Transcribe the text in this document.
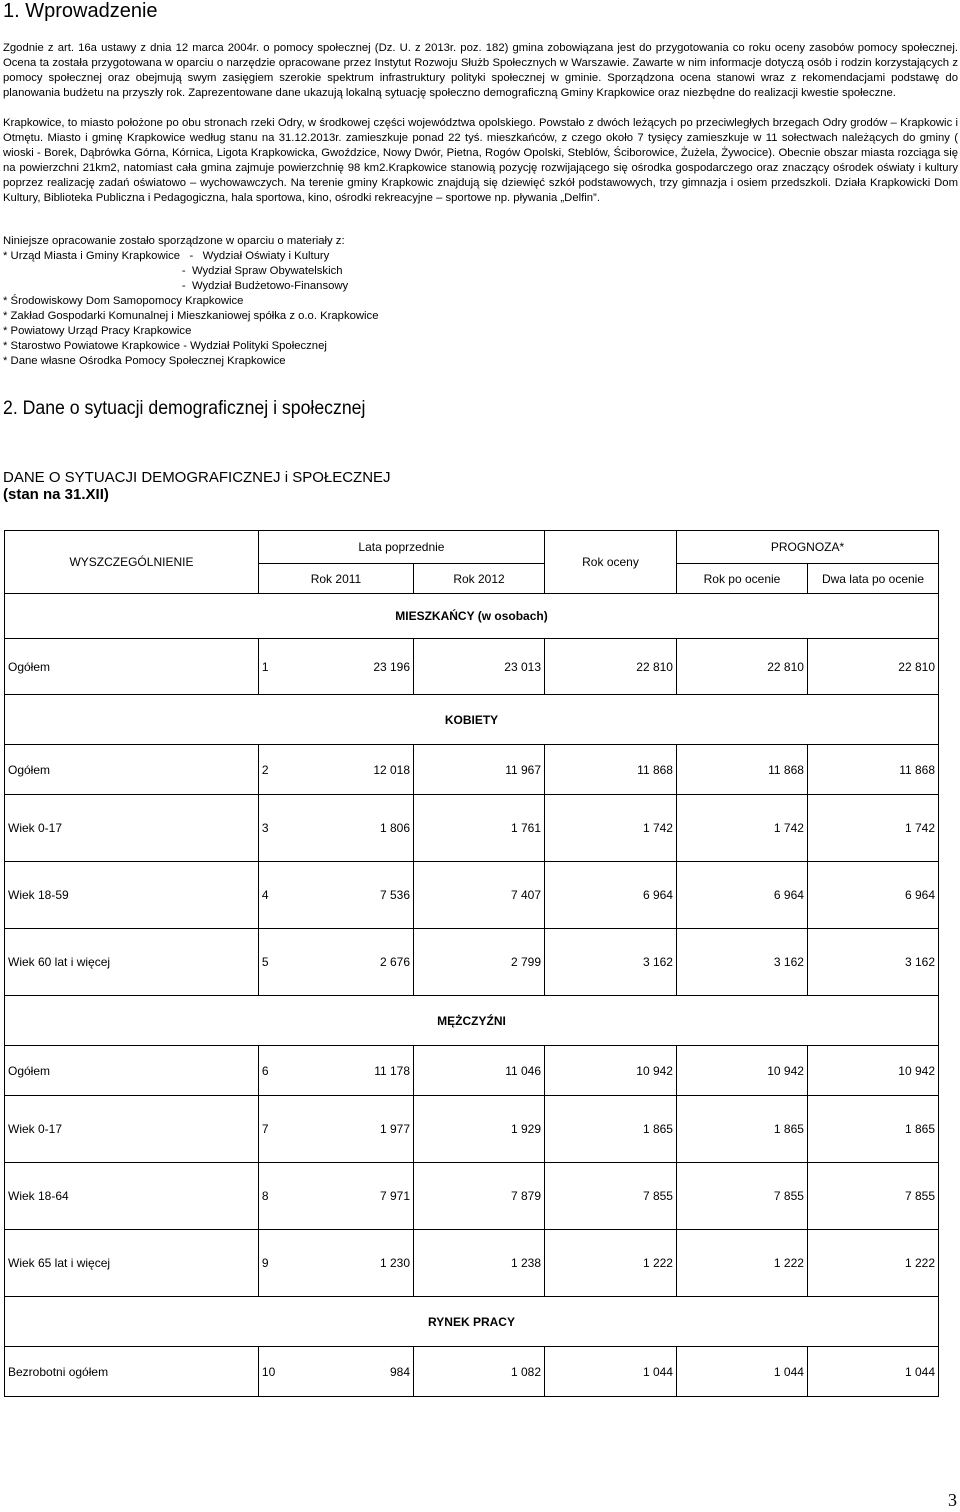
1. Wprowadzenie
Zgodnie z art. 16a ustawy z dnia 12 marca 2004r. o pomocy społecznej (Dz. U. z 2013r. poz. 182) gmina zobowiązana jest do przygotowania co roku oceny zasobów pomocy społecznej. Ocena ta została przygotowana w oparciu o narzędzie opracowane przez Instytut Rozwoju Służb Społecznych w Warszawie. Zawarte w nim informacje dotyczą osób i rodzin korzystających z pomocy społecznej oraz obejmują swym zasięgiem szerokie spektrum infrastruktury polityki społecznej w gminie. Sporządzona ocena stanowi wraz z rekomendacjami podstawę do planowania budżetu na przyszły rok. Zaprezentowane dane ukazują lokalną sytuację społeczno demograficzną Gminy Krapkowice oraz niezbędne do realizacji kwestie społeczne.
Krapkowice, to miasto położone po obu stronach rzeki Odry, w środkowej części województwa opolskiego. Powstało z dwóch leżących po przeciwległych brzegach Odry grodów – Krapkowic i Otmętu. Miasto i gminę Krapkowice według stanu na 31.12.2013r. zamieszkuje ponad 22 tyś. mieszkańców, z czego około 7 tysięcy zamieszkuje w 11 sołectwach należących do gminy ( wioski - Borek, Dąbrówka Górna, Kórnica, Ligota Krapkowicka, Gwoździce, Nowy Dwór, Pietna, Rogów Opolski, Steblów, Ściborowice, Żużela, Żywocice). Obecnie obszar miasta rozciąga się na powierzchni 21km2, natomiast cała gmina zajmuje powierzchnię 98 km2.Krapkowice stanowią pozycję rozwijającego się ośrodka gospodarczego oraz znaczący ośrodek oświaty i kultury poprzez realizację zadań oświatowo – wychowawczych. Na terenie gminy Krapkowic znajdują się dziewięć szkół podstawowych, trzy gimnazja i osiem przedszkoli. Działa Krapkowicki Dom Kultury, Biblioteka Publiczna i Pedagogiczna, hala sportowa, kino, ośrodki rekreacyjne – sportowe np. pływania „Delfin”.
Niniejsze opracowanie zostało sporządzone w oparciu o materiały z:
* Urząd Miasta i Gminy Krapkowice   -   Wydział Oświaty i Kultury
-  Wydział Spraw Obywatelskich
-  Wydział Budżetowo-Finansowy
* Środowiskowy Dom Samopomocy Krapkowice
* Zakład Gospodarki Komunalnej i Mieszkaniowej spółka z o.o. Krapkowice
* Powiatowy Urząd Pracy Krapkowice
* Starostwo Powiatowe Krapkowice - Wydział Polityki Społecznej
* Dane własne Ośrodka Pomocy Społecznej Krapkowice
2. Dane o sytuacji demograficznej i społecznej
DANE O SYTUACJI DEMOGRAFICZNEJ i SPOŁECZNEJ
(stan na 31.XII)
WYSZCZEGÓLNIENIE	Lata poprzednie			Rok oceny	PROGNOZA*	
	Rok 2011		Rok 2012		Rok po ocenie	Dwa lata po ocenie
MIESZKAŃCY (w osobach)						
Ogółem	1	23 196	23 013	22 810	22 810	22 810
KOBIETY						
Ogółem	2	12 018	11 967	11 868	11 868	11 868
Wiek 0-17	3	1 806	1 761	1 742	1 742	1 742
Wiek 18-59	4	7 536	7 407	6 964	6 964	6 964
Wiek 60 lat i więcej	5	2 676	2 799	3 162	3 162	3 162
MĘŻCZYŹNI						
Ogółem	6	11 178	11 046	10 942	10 942	10 942
Wiek 0-17	7	1 977	1 929	1 865	1 865	1 865
Wiek 18-64	8	7 971	7 879	7 855	7 855	7 855
Wiek 65 lat i więcej	9	1 230	1 238	1 222	1 222	1 222
RYNEK PRACY						
Bezrobotni ogółem	10	984	1 082	1 044	1 044	1 044
3
